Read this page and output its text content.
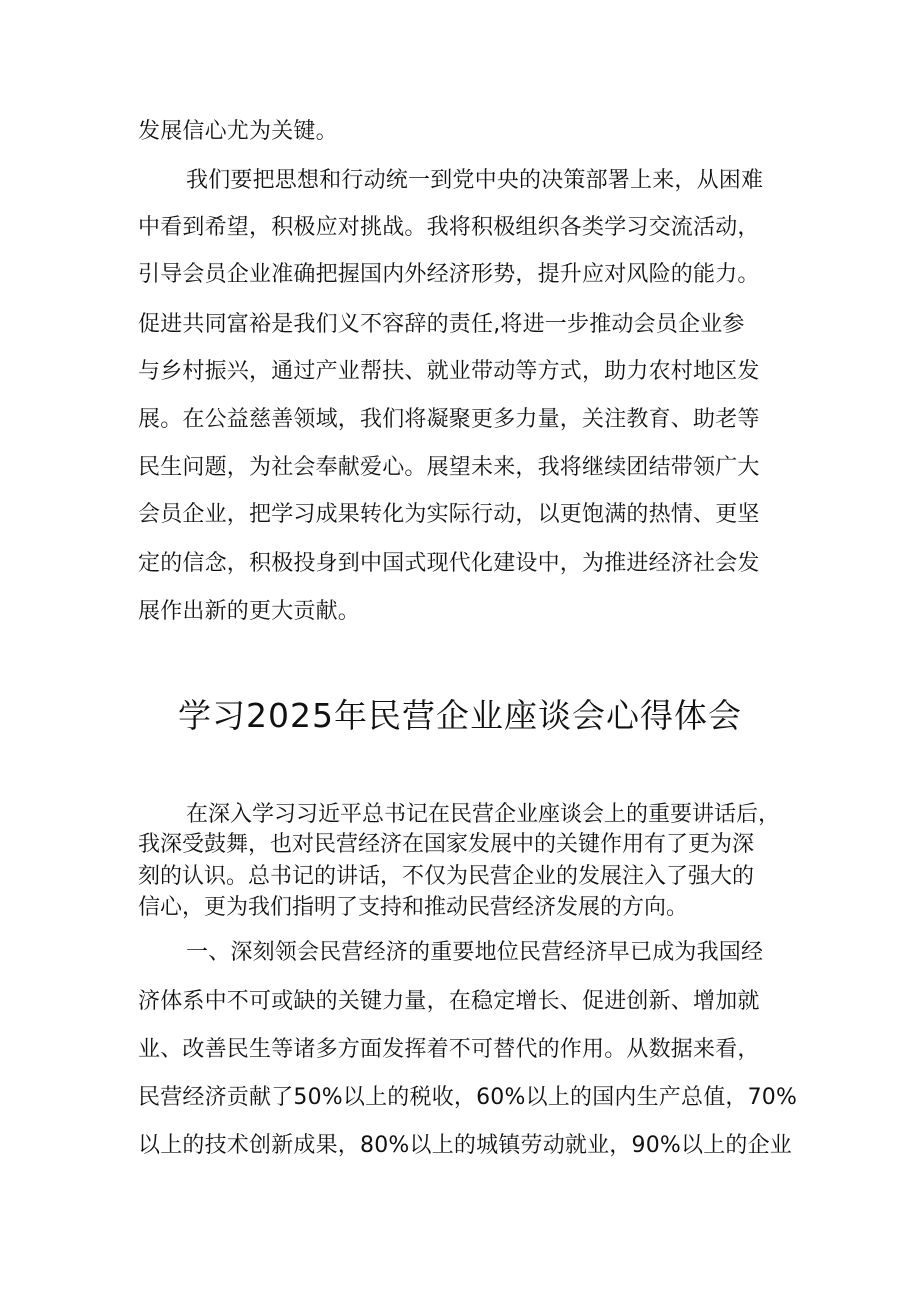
发展信心尤为关键。
我们要把思想和行动统一到党中央的决策部署上来，从困难
中看到希望，积极应对挑战。我将积极组织各类学习交流活动，
引导会员企业准确把握国内外经济形势，提升应对风险的能力。
促进共同富裕是我们义不容辞的责任,将进一步推动会员企业参
与乡村振兴，通过产业帮扶、就业带动等方式，助力农村地区发
展。在公益慈善领域，我们将凝聚更多力量，关注教育、助老等
民生问题，为社会奉献爱心。展望未来，我将继续团结带领广大
会员企业，把学习成果转化为实际行动，以更饱满的热情、更坚
定的信念，积极投身到中国式现代化建设中，为推进经济社会发
展作出新的更大贡献。
学习2025年民营企业座谈会心得体会
在深入学习习近平总书记在民营企业座谈会上的重要讲话后，
我深受鼓舞，也对民营经济在国家发展中的关键作用有了更为深
刻的认识。总书记的讲话，不仅为民营企业的发展注入了强大的
信心，更为我们指明了支持和推动民营经济发展的方向。
一、深刻领会民营经济的重要地位民营经济早已成为我国经
济体系中不可或缺的关键力量，在稳定增长、促进创新、增加就
业、改善民生等诸多方面发挥着不可替代的作用。从数据来看，
民营经济贡献了50%以上的税收，60%以上的国内生产总值，70%
以上的技术创新成果，80%以上的城镇劳动就业，90%以上的企业
